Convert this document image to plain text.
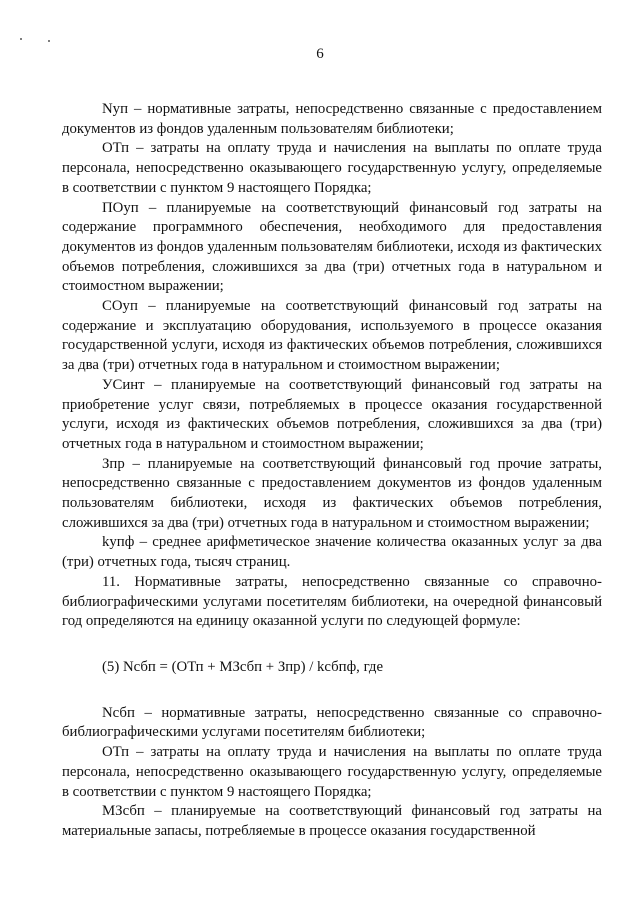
6

Nуп – нормативные затраты, непосредственно связанные с предоставлением документов из фондов удаленным пользователям библиотеки;

ОТп – затраты на оплату труда и начисления на выплаты по оплате труда персонала, непосредственно оказывающего государственную услугу, определяемые в соответствии с пунктом 9 настоящего Порядка;

ПОуп – планируемые на соответствующий финансовый год затраты на содержание программного обеспечения, необходимого для предоставления документов из фондов удаленным пользователям библиотеки, исходя из фактических объемов потребления, сложившихся за два (три) отчетных года в натуральном и стоимостном выражении;

СОуп – планируемые на соответствующий финансовый год затраты на содержание и эксплуатацию оборудования, используемого в процессе оказания государственной услуги, исходя из фактических объемов потребления, сложившихся за два (три) отчетных года в натуральном и стоимостном выражении;

УСинт – планируемые на соответствующий финансовый год затраты на приобретение услуг связи, потребляемых в процессе оказания государственной услуги, исходя из фактических объемов потребления, сложившихся за два (три) отчетных года в натуральном и стоимостном выражении;

Зпр – планируемые на соответствующий финансовый год прочие затраты, непосредственно связанные с предоставлением документов из фондов удаленным пользователям библиотеки, исходя из фактических объемов потребления, сложившихся за два (три) отчетных года в натуральном и стоимостном выражении;

kупф – среднее арифметическое значение количества оказанных услуг за два (три) отчетных года, тысяч страниц.

11. Нормативные затраты, непосредственно связанные со справочно-библиографическими услугами посетителям библиотеки, на очередной финансовый год определяются на единицу оказанной услуги по следующей формуле:

(5) Nсбп = (ОТп + МЗсбп + Зпр) / kсбпф, где

Nсбп – нормативные затраты, непосредственно связанные со справочно-библиографическими услугами посетителям библиотеки;

ОТп – затраты на оплату труда и начисления на выплаты по оплате труда персонала, непосредственно оказывающего государственную услугу, определяемые в соответствии с пунктом 9 настоящего Порядка;

МЗсбп – планируемые на соответствующий финансовый год затраты на материальные запасы, потребляемые в процессе оказания государственной
